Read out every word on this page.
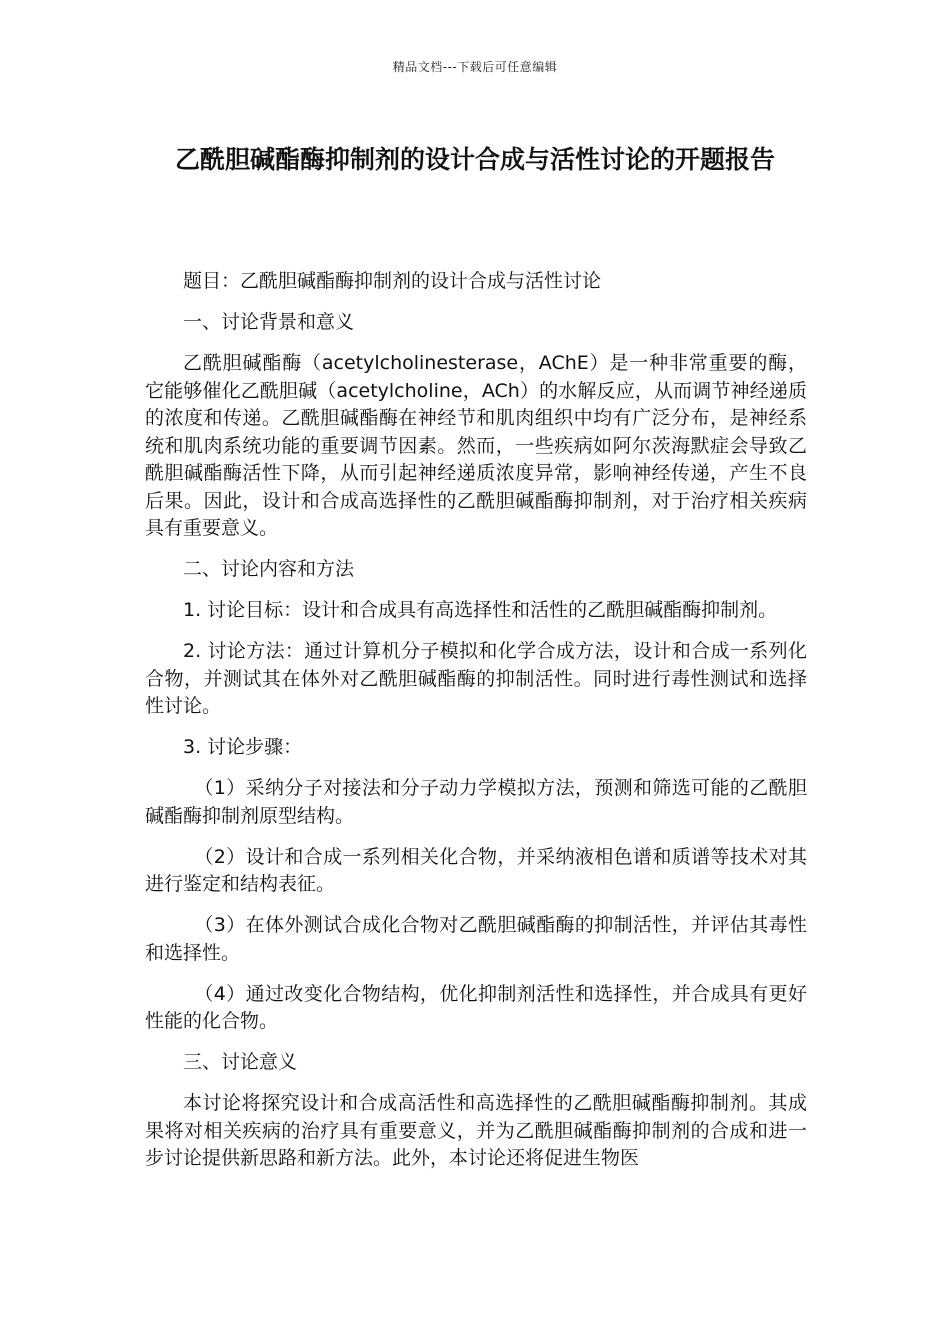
精品文档---下载后可任意编辑
乙酰胆碱酯酶抑制剂的设计合成与活性讨论的开题报告

题目：乙酰胆碱酯酶抑制剂的设计合成与活性讨论

一、讨论背景和意义

乙酰胆碱酯酶（acetylcholinesterase，AChE）是一种非常重要的酶，它能够催化乙酰胆碱（acetylcholine，ACh）的水解反应，从而调节神经递质的浓度和传递。乙酰胆碱酯酶在神经节和肌肉组织中均有广泛分布，是神经系统和肌肉系统功能的重要调节因素。然而，一些疾病如阿尔茨海默症会导致乙酰胆碱酯酶活性下降，从而引起神经递质浓度异常，影响神经传递，产生不良后果。因此，设计和合成高选择性的乙酰胆碱酯酶抑制剂，对于治疗相关疾病具有重要意义。

二、讨论内容和方法

1. 讨论目标：设计和合成具有高选择性和活性的乙酰胆碱酯酶抑制剂。

2. 讨论方法：通过计算机分子模拟和化学合成方法，设计和合成一系列化合物，并测试其在体外对乙酰胆碱酯酶的抑制活性。同时进行毒性测试和选择性讨论。

3. 讨论步骤：

（1）采纳分子对接法和分子动力学模拟方法，预测和筛选可能的乙酰胆碱酯酶抑制剂原型结构。

（2）设计和合成一系列相关化合物，并采纳液相色谱和质谱等技术对其进行鉴定和结构表征。

（3）在体外测试合成化合物对乙酰胆碱酯酶的抑制活性，并评估其毒性和选择性。

（4）通过改变化合物结构，优化抑制剂活性和选择性，并合成具有更好性能的化合物。

三、讨论意义

本讨论将探究设计和合成高活性和高选择性的乙酰胆碱酯酶抑制剂。其成果将对相关疾病的治疗具有重要意义，并为乙酰胆碱酯酶抑制剂的合成和进一步讨论提供新思路和新方法。此外，本讨论还将促进生物医
